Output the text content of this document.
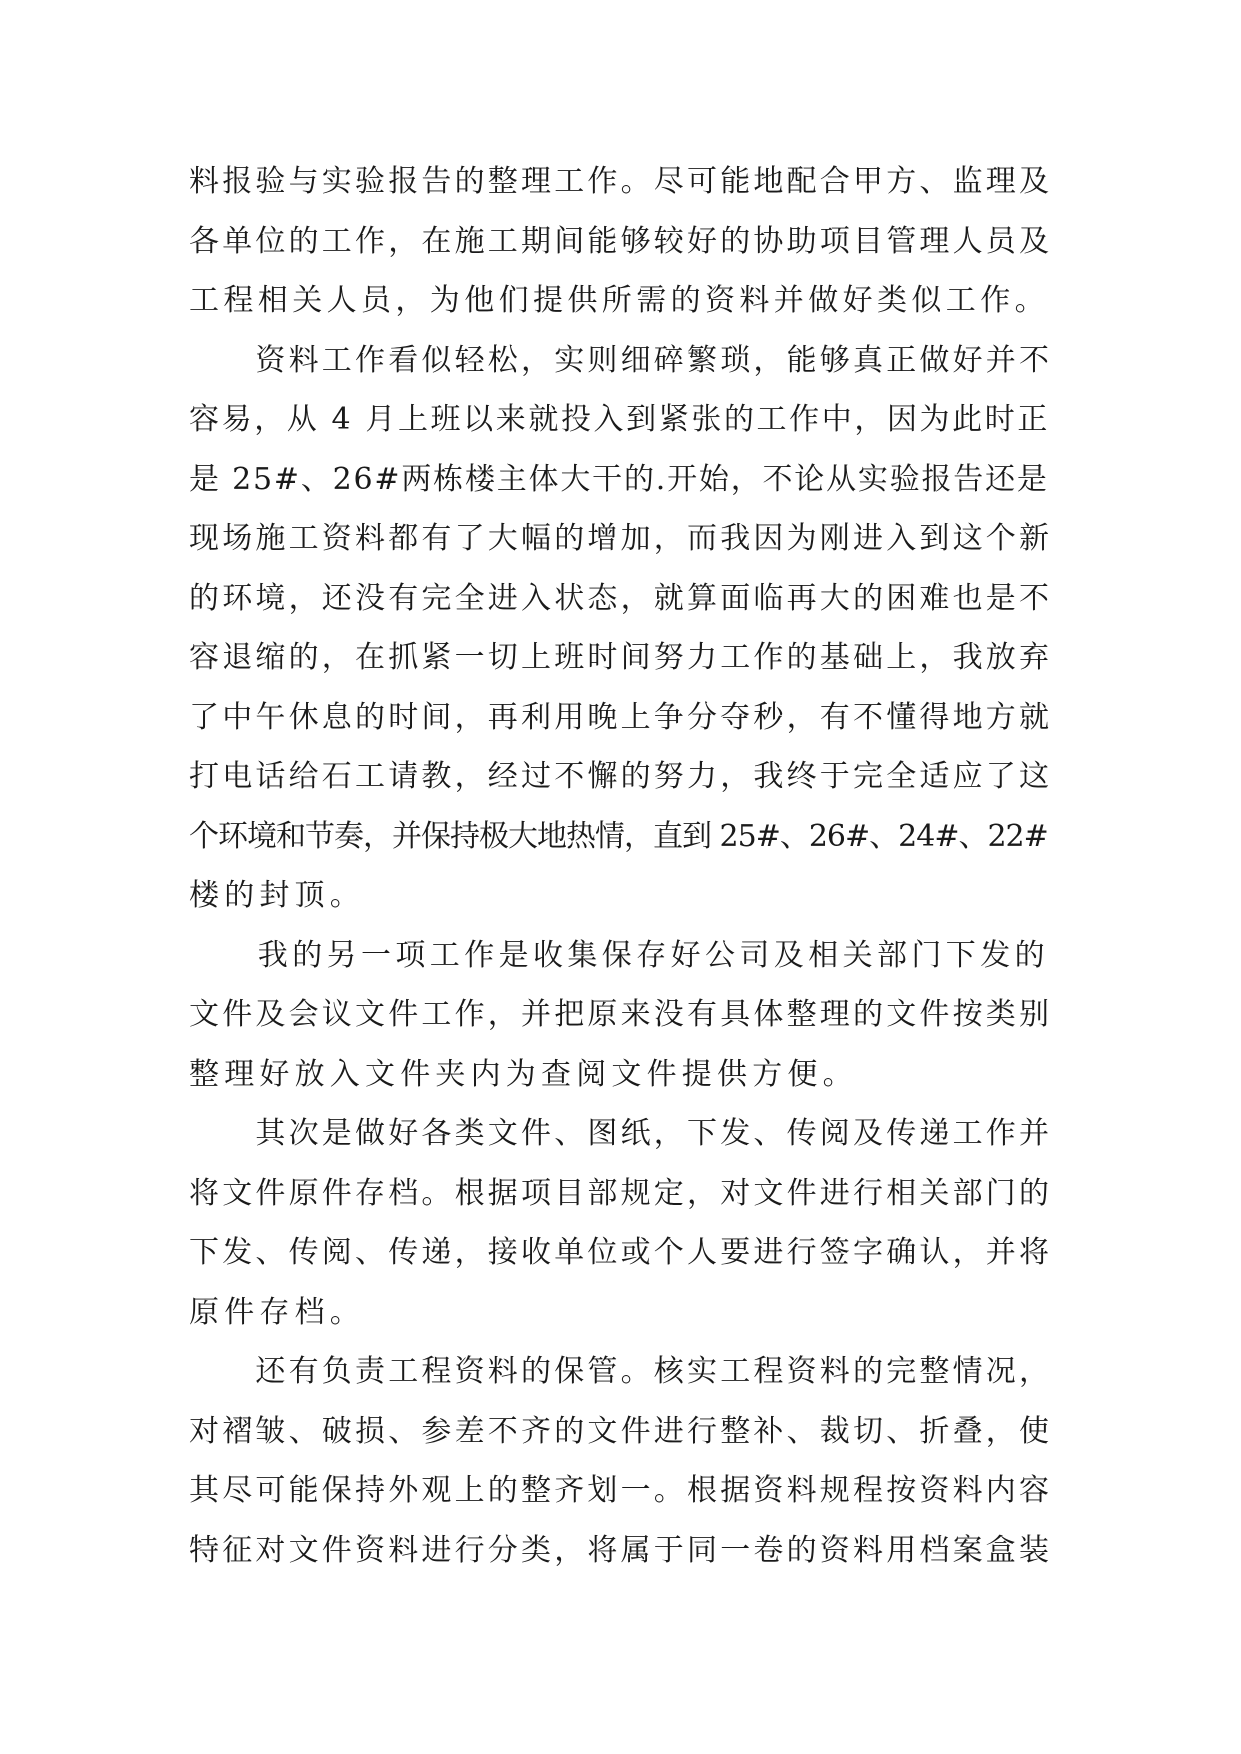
料报验与实验报告的整理工作。尽可能地配合甲方、监理及
各单位的工作，在施工期间能够较好的协助项目管理人员及
工程相关人员，为他们提供所需的资料并做好类似工作。
　　资料工作看似轻松，实则细碎繁琐，能够真正做好并不
容易，从 4 月上班以来就投入到紧张的工作中，因为此时正
是 25#、26#两栋楼主体大干的.开始，不论从实验报告还是
现场施工资料都有了大幅的增加，而我因为刚进入到这个新
的环境，还没有完全进入状态，就算面临再大的困难也是不
容退缩的，在抓紧一切上班时间努力工作的基础上，我放弃
了中午休息的时间，再利用晚上争分夺秒，有不懂得地方就
打电话给石工请教，经过不懈的努力，我终于完全适应了这
个环境和节奏，并保持极大地热情，直到 25#、26#、24#、22#
楼的封顶。
　　我的另一项工作是收集保存好公司及相关部门下发的
文件及会议文件工作，并把原来没有具体整理的文件按类别
整理好放入文件夹内为查阅文件提供方便。
　　其次是做好各类文件、图纸，下发、传阅及传递工作并
将文件原件存档。根据项目部规定，对文件进行相关部门的
下发、传阅、传递，接收单位或个人要进行签字确认，并将
原件存档。
　　还有负责工程资料的保管。核实工程资料的完整情况，
对褶皱、破损、参差不齐的文件进行整补、裁切、折叠，使
其尽可能保持外观上的整齐划一。根据资料规程按资料内容
特征对文件资料进行分类，将属于同一卷的资料用档案盒装
